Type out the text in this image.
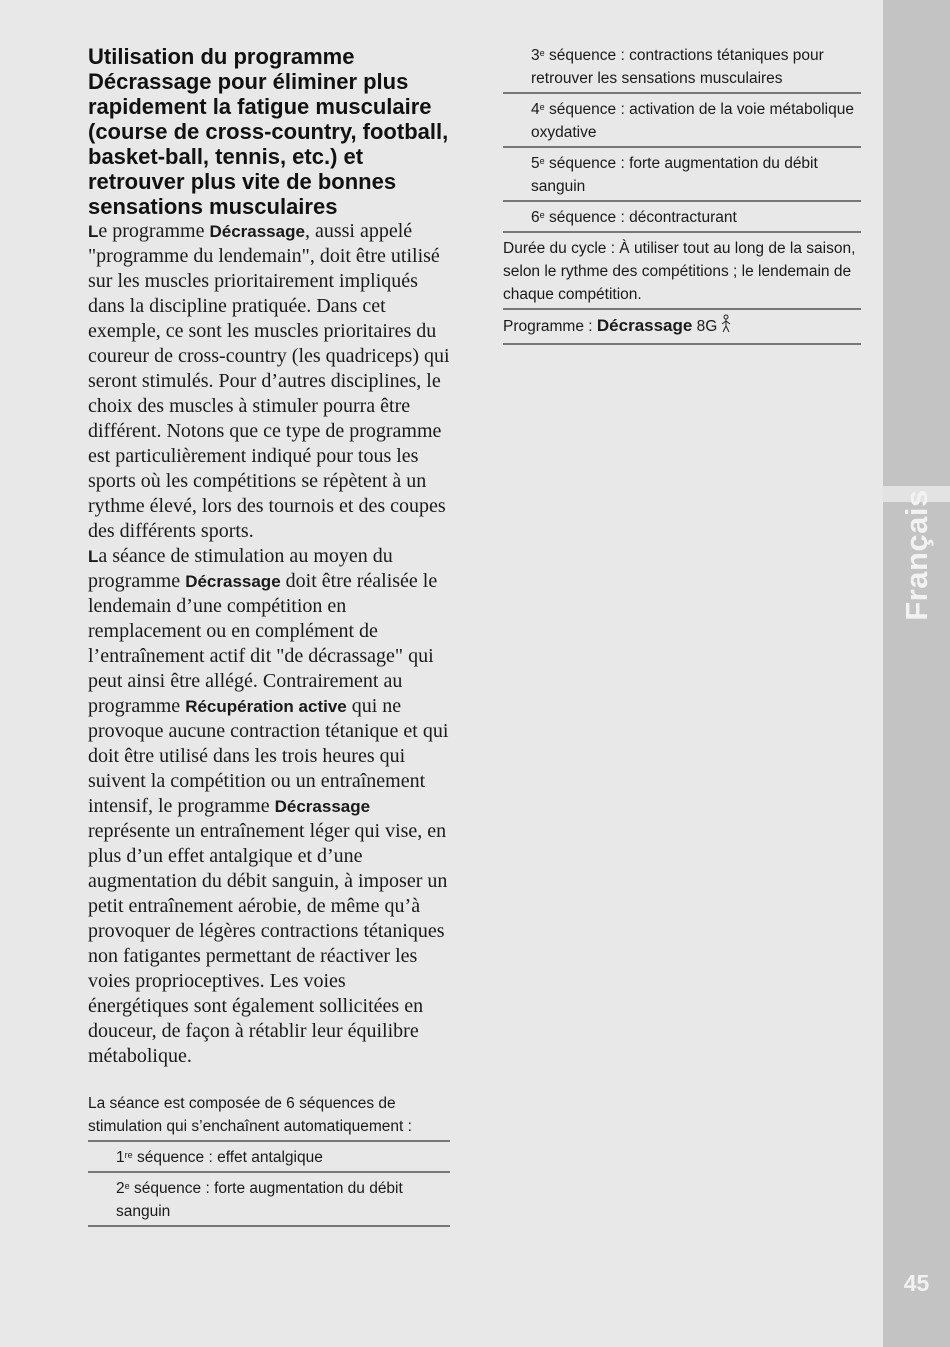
Français
45
Utilisation du programme Décrassage pour éliminer plus rapidement la fatigue musculaire (course de cross-country, football, basket-ball, tennis, etc.) et retrouver plus vite de bonnes sensations musculaires

Le programme Décrassage, aussi appelé "programme du lendemain", doit être utilisé sur les muscles prioritairement impliqués dans la discipline pratiquée. Dans cet exemple, ce sont les muscles prioritaires du coureur de cross-country (les quadriceps) qui seront stimulés. Pour d’autres disciplines, le choix des muscles à stimuler pourra être différent. Notons que ce type de programme est particulièrement indiqué pour tous les sports où les compétitions se répètent à un rythme élevé, lors des tournois et des coupes des différents sports.

La séance de stimulation au moyen du programme Décrassage doit être réalisée le lendemain d’une compétition en remplacement ou en complément de l’entraînement actif dit "de décrassage" qui peut ainsi être allégé. Contrairement au programme Récupération active qui ne provoque aucune contraction tétanique et qui doit être utilisé dans les trois heures qui suivent la compétition ou un entraînement intensif, le programme Décrassage représente un entraînement léger qui vise, en plus d’un effet antalgique et d’une augmentation du débit sanguin, à imposer un petit entraînement aérobie, de même qu’à provoquer de légères contractions tétaniques non fatigantes permettant de réactiver les voies proprioceptives. Les voies énergétiques sont également sollicitées en douceur, de façon à rétablir leur équilibre métabolique.

La séance est composée de 6 séquences de stimulation qui s’enchaînent automatiquement :
1re séquence : effet antalgique
2e séquence : forte augmentation du débit sanguin
3e séquence : contractions tétaniques pour retrouver les sensations musculaires
4e séquence : activation de la voie métabolique oxydative
5e séquence : forte augmentation du débit sanguin
6e séquence : décontracturant
Durée du cycle : À utiliser tout au long de la saison, selon le rythme des compétitions ; le lendemain de chaque compétition.
Programme : Décrassage 8G
